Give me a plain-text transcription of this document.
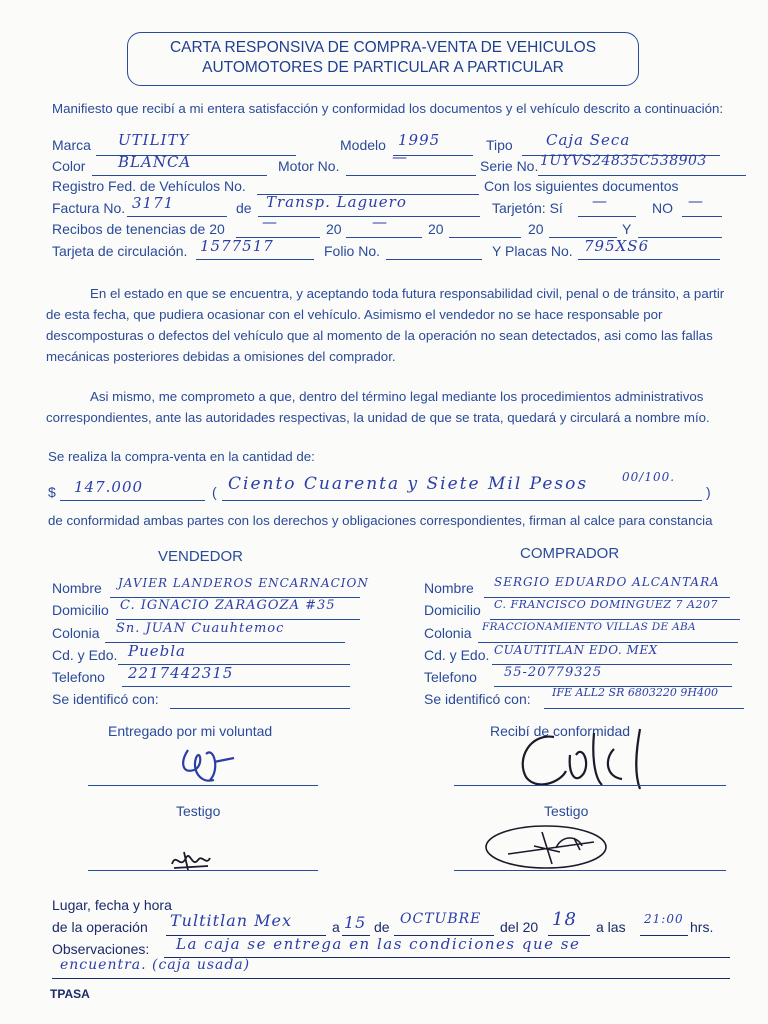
CARTA RESPONSIVA DE COMPRA-VENTA DE VEHICULOS
AUTOMOTORES DE PARTICULAR A PARTICULAR
Manifiesto que recibí a mi entera satisfacción y conformidad los documentos y el vehículo descrito a continuación:
Marca UTILITY	Modelo 1995	Tipo Caja Seca
Color BLANCA	Motor No.	—	Serie No. 1UYVS24835C538903
Registro Fed. de Vehículos No.	Con los siguientes documentos
Factura No. 3171	de Transp. Laguero	Tarjetón: Sí —	NO —
Recibos de tenencias de 20 —	20 —	20	20	Y
Tarjeta de circulación. 1577517	Folio No.	Y Placas No. 795XS6
En el estado en que se encuentra, y aceptando toda futura responsabilidad civil, penal o de tránsito, a partir de esta fecha, que pudiera ocasionar con el vehículo. Asimismo el vendedor no se hace responsable por descomposturas o defectos del vehículo que al momento de la operación no sean detectados, asi como las fallas mecánicas posteriores debidas a omisiones del comprador.
Asi mismo, me comprometo a que, dentro del término legal mediante los procedimientos administrativos correspondientes, ante las autoridades respectivas, la unidad de que se trata, quedará y circulará a nombre mío.
Se realiza la compra-venta en la cantidad de:
$ 147.000	( Ciento Cuarenta y Siete Mil Pesos	00/100.
)
de conformidad ambas partes con los derechos y obligaciones correspondientes, firman al calce para constancia
VENDEDOR	COMPRADOR
Nombre JAVIER LANDEROS ENCARNACION
Domicilio C. IGNACIO ZARAGOZA #35
Colonia Sn. JUAN Cuauhtemoc
Cd. y Edo. Puebla
Telefono 2217442315
Se identificó con:
Entregado por mi voluntad
Testigo
Nombre SERGIO EDUARDO ALCANTARA
Domicilio C. FRANCISCO DOMINGUEZ 7 A207
Colonia FRACCIONAMIENTO VILLAS DE ABA
Cd. y Edo. CUAUTITLAN EDO. MEX
Telefono 55-20779325
Se identificó con: IFE ALL2 SR 6803220 9H400
Recibí de conformidad
Testigo
Lugar, fecha y hora
de la operación Tultitlan Mex	a 15 de OCTUBRE del 20 18 a las 21:00 hrs.
Observaciones: La caja se entrega en las condiciones que se
encuentra. (caja usada)
TPASA
